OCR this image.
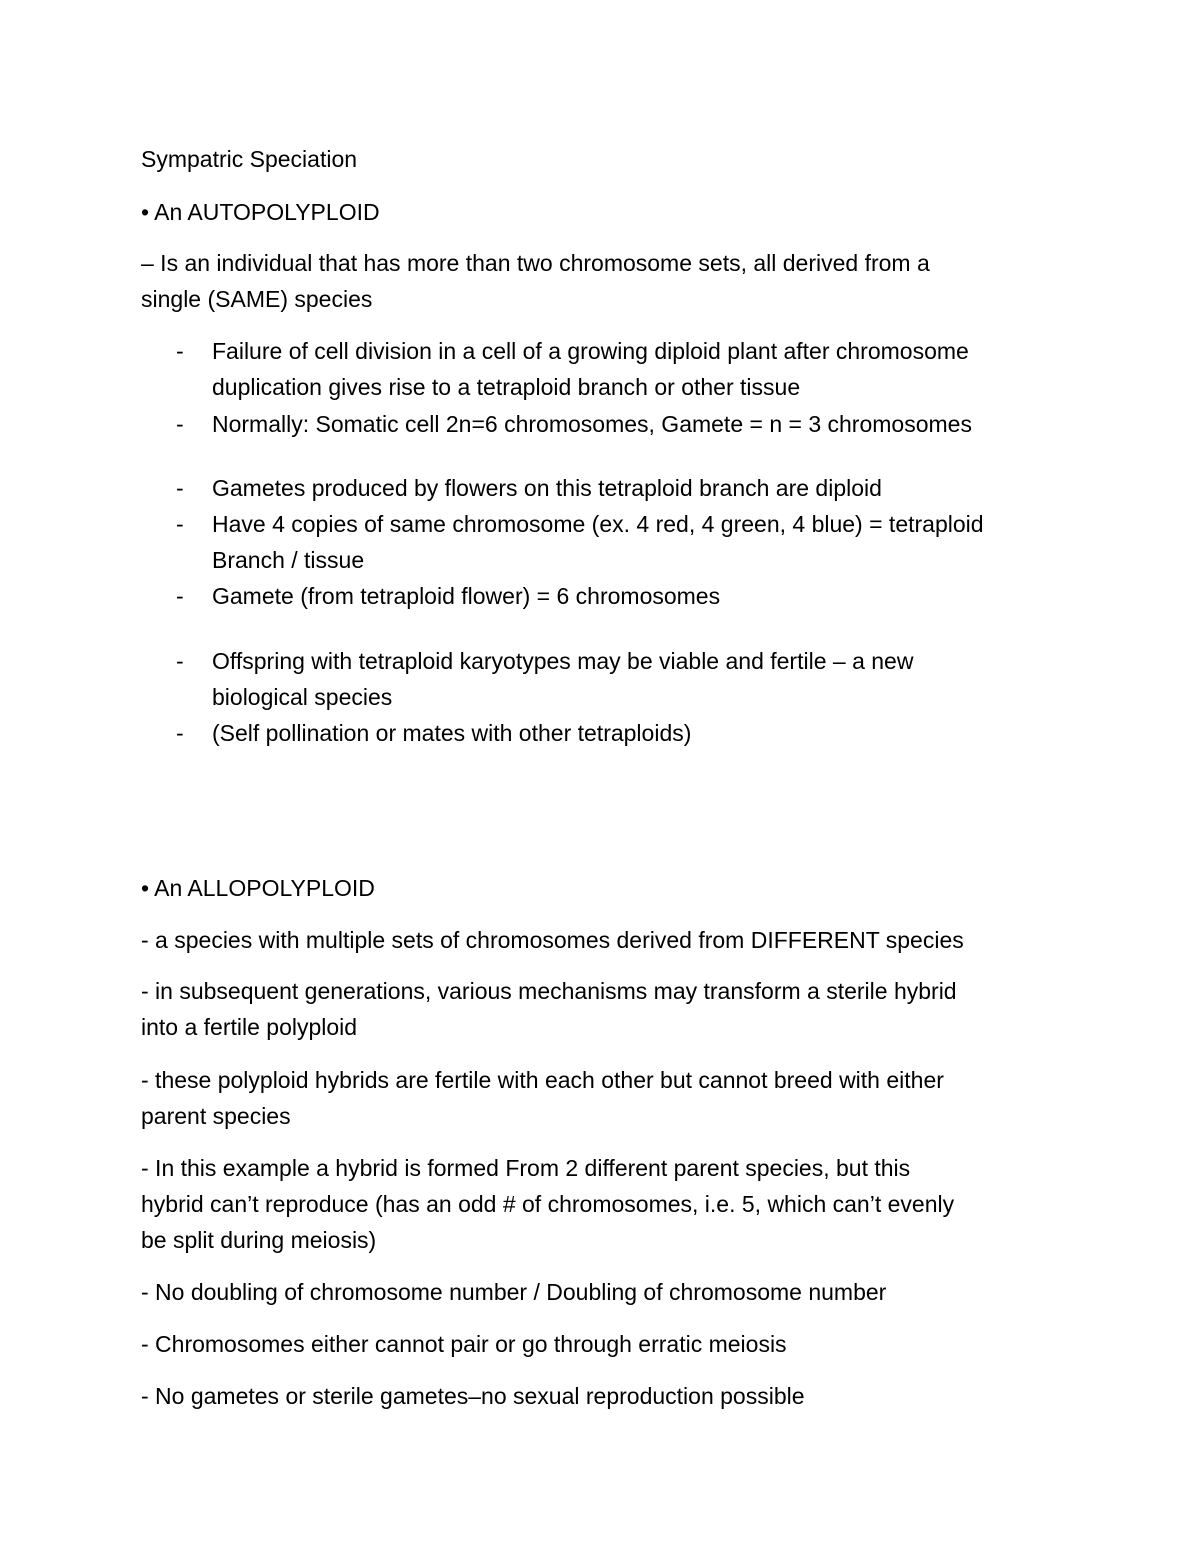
Sympatric Speciation
• An AUTOPOLYPLOID
– Is an individual that has more than two chromosome sets, all derived from a
single (SAME) species
- Failure of cell division in a cell of a growing diploid plant after chromosome
duplication gives rise to a tetraploid branch or other tissue
- Normally: Somatic cell 2n=6 chromosomes, Gamete = n = 3 chromosomes
- Gametes produced by flowers on this tetraploid branch are diploid
- Have 4 copies of same chromosome (ex. 4 red, 4 green, 4 blue) = tetraploid
Branch / tissue
- Gamete (from tetraploid flower) = 6 chromosomes
- Offspring with tetraploid karyotypes may be viable and fertile – a new
biological species
- (Self pollination or mates with other tetraploids)
• An ALLOPOLYPLOID
- a species with multiple sets of chromosomes derived from DIFFERENT species
- in subsequent generations, various mechanisms may transform a sterile hybrid
into a fertile polyploid
- these polyploid hybrids are fertile with each other but cannot breed with either
parent species
- In this example a hybrid is formed From 2 different parent species, but this
hybrid can’t reproduce (has an odd # of chromosomes, i.e. 5, which can’t evenly
be split during meiosis)
- No doubling of chromosome number / Doubling of chromosome number
- Chromosomes either cannot pair or go through erratic meiosis
- No gametes or sterile gametes–no sexual reproduction possible
